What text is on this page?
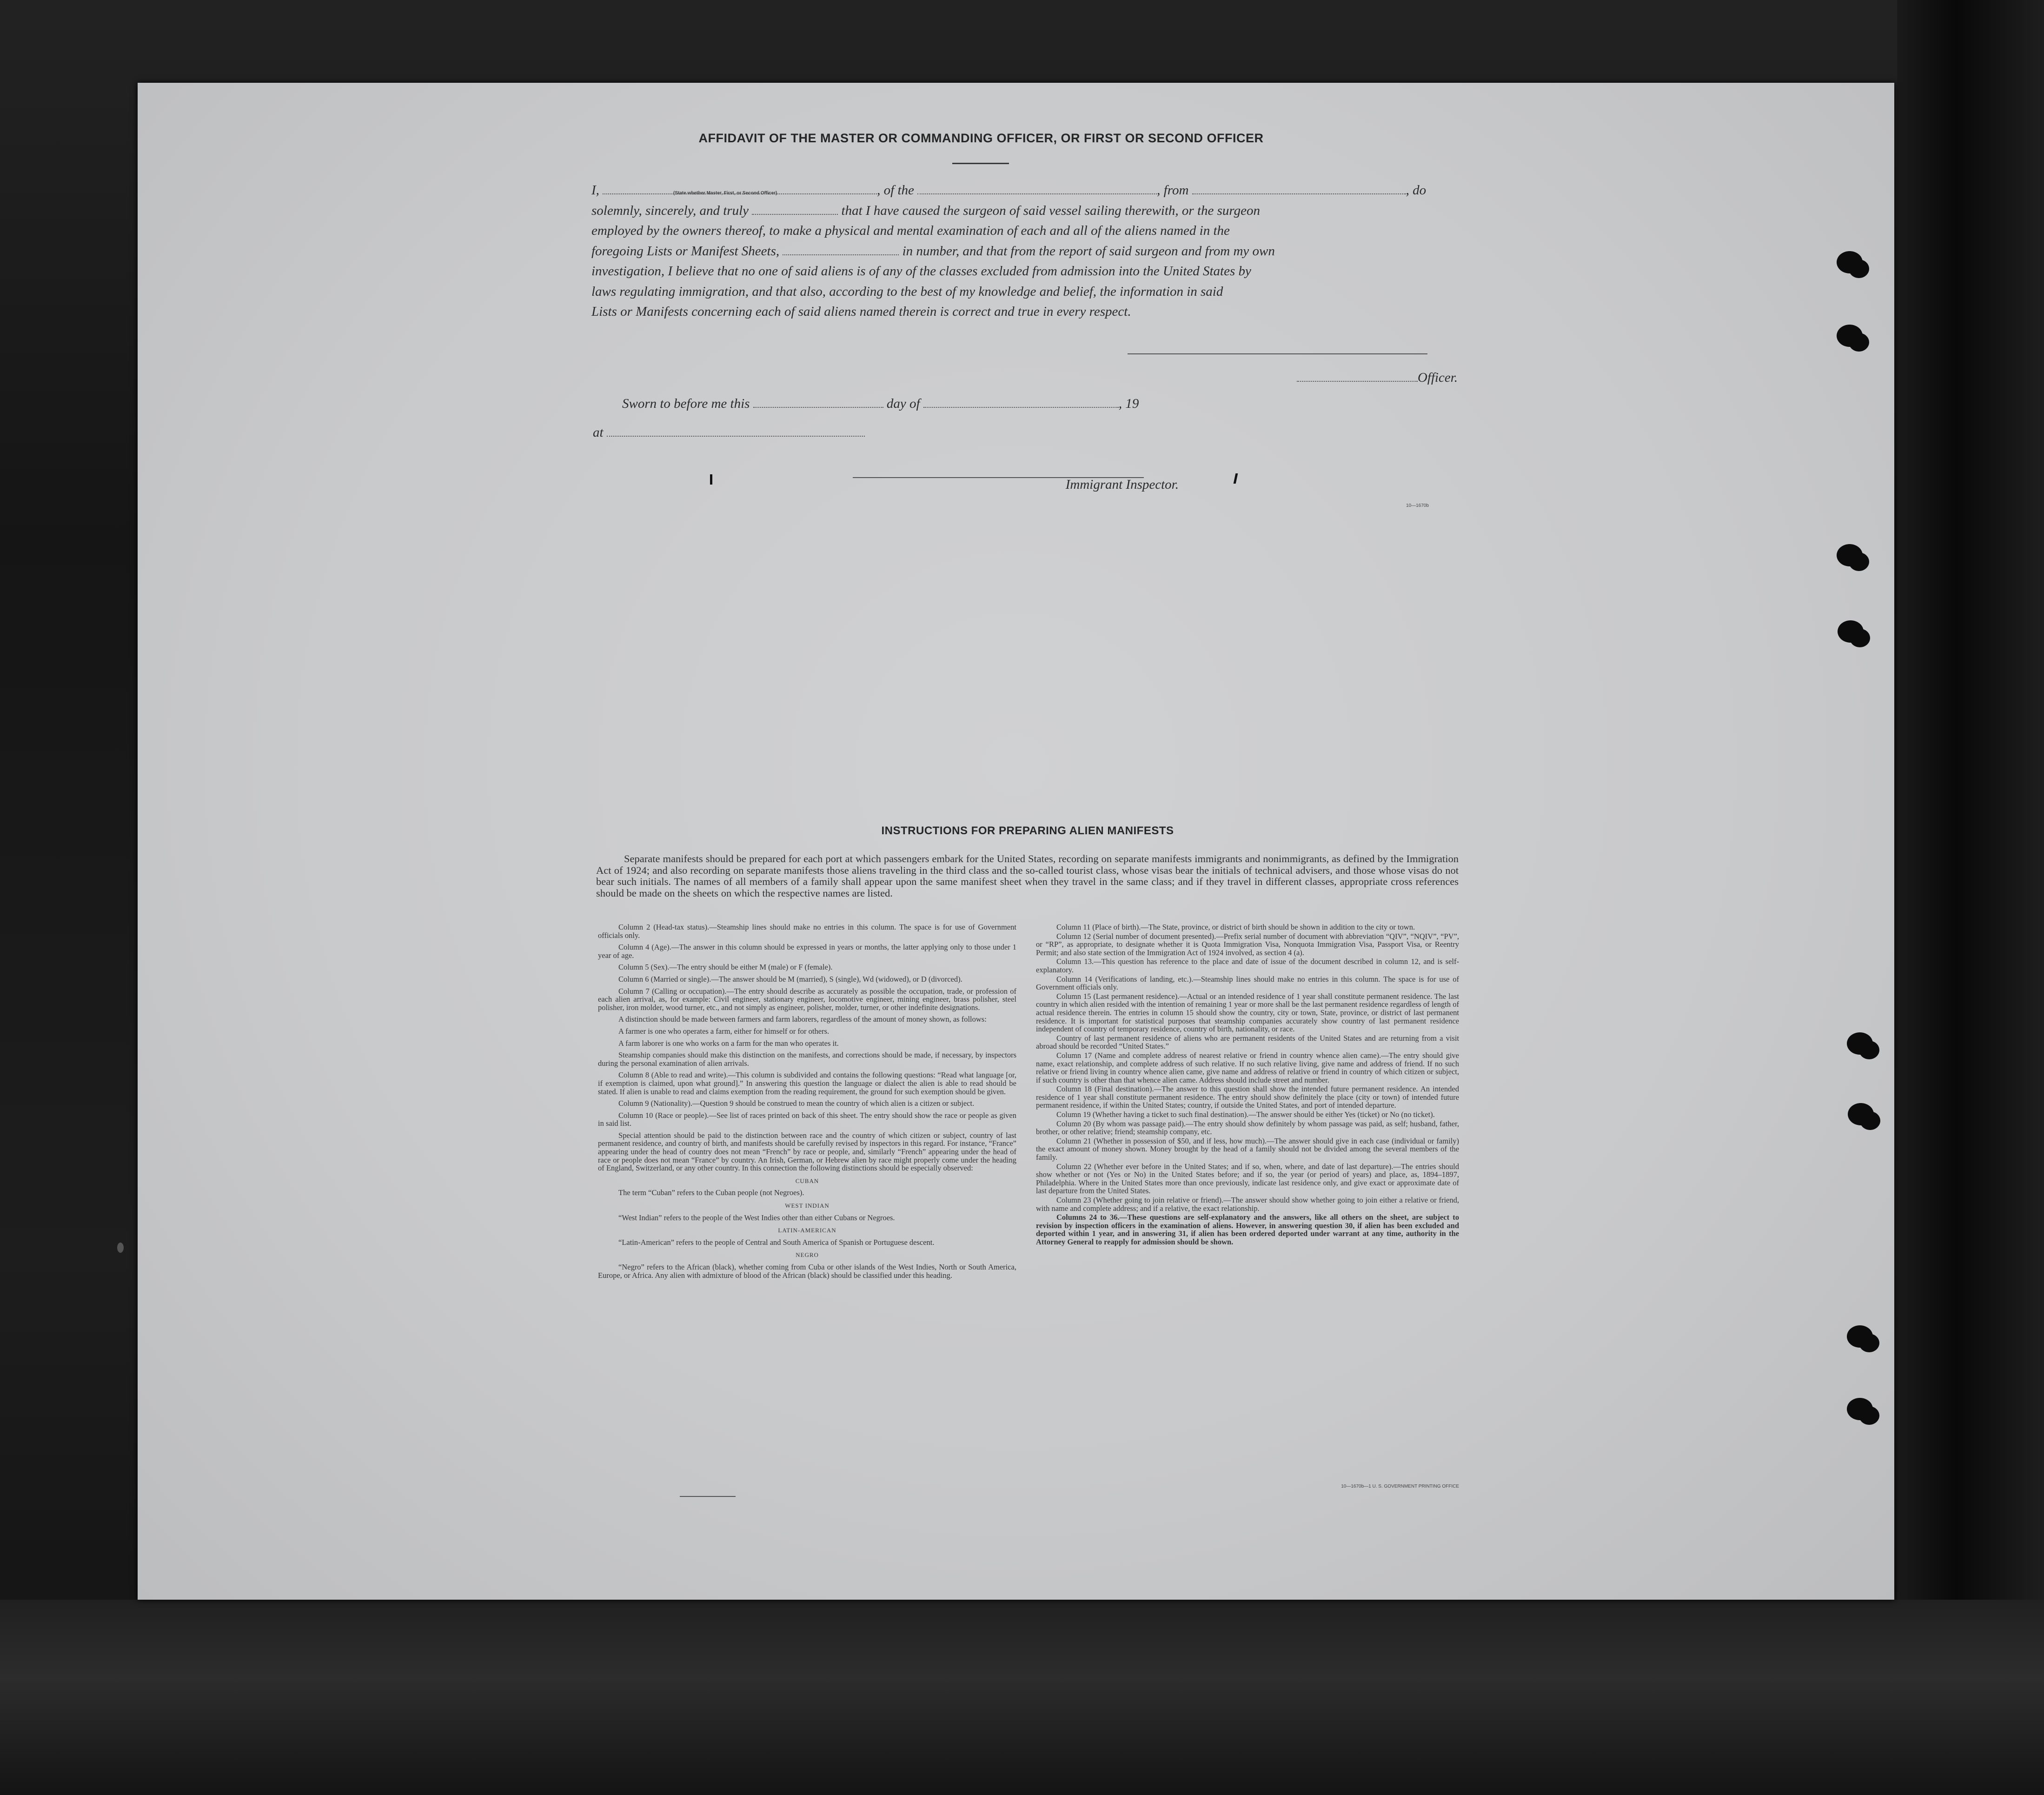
AFFIDAVIT OF THE MASTER OR COMMANDING OFFICER, OR FIRST OR SECOND OFFICER
I,	, of the	, from	, do
solemnly, sincerely, and truly	that I have caused the surgeon of said vessel sailing therewith, or the surgeon
employed by the owners thereof, to make a physical and mental examination of each and all of the aliens named in the
foregoing Lists or Manifest Sheets,	in number, and that from the report of said surgeon and from my own
investigation, I believe that no one of said aliens is of any of the classes excluded from admission into the United States by
laws regulating immigration, and that also, according to the best of my knowledge and belief, the information in said
Lists or Manifests concerning each of said aliens named therein is correct and true in every respect.
(State whether Master, First, or Second Officer)
Officer.
Sworn to before me this	day of	, 19
at
Immigrant Inspector.
10—1670b
INSTRUCTIONS FOR PREPARING ALIEN MANIFESTS
Separate manifests should be prepared for each port at which passengers embark for the United States, recording on separate manifests immigrants and nonimmigrants, as defined by the Immigration Act of 1924; and also recording on separate manifests those aliens traveling in the third class and the so-called tourist class, whose visas bear the initials of technical advisers, and those whose visas do not bear such initials. The names of all members of a family shall appear upon the same manifest sheet when they travel in the same class; and if they travel in different classes, appropriate cross references should be made on the sheets on which the respective names are listed.

Column 2 (Head-tax status).—Steamship lines should make no entries in this column. The space is for use of Government officials only.

Column 4 (Age).—The answer in this column should be expressed in years or months, the latter applying only to those under 1 year of age.

Column 5 (Sex).—The entry should be either M (male) or F (female).

Column 6 (Married or single).—The answer should be M (married), S (single), Wd (widowed), or D (divorced).

Column 7 (Calling or occupation).—The entry should describe as accurately as possible the occupation, trade, or profession of each alien arrival, as, for example: Civil engineer, stationary engineer, locomotive engineer, mining engineer, brass polisher, steel polisher, iron molder, wood turner, etc., and not simply as engineer, polisher, molder, turner, or other indefinite designations.

A distinction should be made between farmers and farm laborers, regardless of the amount of money shown, as follows:

A farmer is one who operates a farm, either for himself or for others.

A farm laborer is one who works on a farm for the man who operates it.

Steamship companies should make this distinction on the manifests, and corrections should be made, if necessary, by inspectors during the personal examination of alien arrivals.

Column 8 (Able to read and write).—This column is subdivided and contains the following questions: “Read what language [or, if exemption is claimed, upon what ground].” In answering this question the language or dialect the alien is able to read should be stated. If alien is unable to read and claims exemption from the reading requirement, the ground for such exemption should be given.

Column 9 (Nationality).—Question 9 should be construed to mean the country of which alien is a citizen or subject.

Column 10 (Race or people).—See list of races printed on back of this sheet. The entry should show the race or people as given in said list.

Special attention should be paid to the distinction between race and the country of which citizen or subject, country of last permanent residence, and country of birth, and manifests should be carefully revised by inspectors in this regard. For instance, “France” appearing under the head of country does not mean “French” by race or people, and, similarly “French” appearing under the head of race or people does not mean “France” by country. An Irish, German, or Hebrew alien by race might properly come under the heading of England, Switzerland, or any other country. In this connection the following distinctions should be especially observed:

CUBAN

The term “Cuban” refers to the Cuban people (not Negroes).

WEST INDIAN

“West Indian” refers to the people of the West Indies other than either Cubans or Negroes.

LATIN-AMERICAN

“Latin-American” refers to the people of Central and South America of Spanish or Portuguese descent.

NEGRO

“Negro” refers to the African (black), whether coming from Cuba or other islands of the West Indies, North or South America, Europe, or Africa. Any alien with admixture of blood of the African (black) should be classified under this heading.

Column 11 (Place of birth).—The State, province, or district of birth should be shown in addition to the city or town.

Column 12 (Serial number of document presented).—Prefix serial number of document with abbreviation “QIV”, “NQIV”, “PV”, or “RP”, as appropriate, to designate whether it is Quota Immigration Visa, Nonquota Immigration Visa, Passport Visa, or Reentry Permit; and also state section of the Immigration Act of 1924 involved, as section 4 (a).

Column 13.—This question has reference to the place and date of issue of the document described in column 12, and is self-explanatory.

Column 14 (Verifications of landing, etc.).—Steamship lines should make no entries in this column. The space is for use of Government officials only.

Column 15 (Last permanent residence).—Actual or an intended residence of 1 year shall constitute permanent residence. The last country in which alien resided with the intention of remaining 1 year or more shall be the last permanent residence regardless of length of actual residence therein. The entries in column 15 should show the country, city or town, State, province, or district of last permanent residence. It is important for statistical purposes that steamship companies accurately show country of last permanent residence independent of country of temporary residence, country of birth, nationality, or race.

Country of last permanent residence of aliens who are permanent residents of the United States and are returning from a visit abroad should be recorded “United States.”

Column 17 (Name and complete address of nearest relative or friend in country whence alien came).—The entry should give name, exact relationship, and complete address of such relative. If no such relative living, give name and address of friend. If no such relative or friend living in country whence alien came, give name and address of relative or friend in country of which citizen or subject, if such country is other than that whence alien came. Address should include street and number.

Column 18 (Final destination).—The answer to this question shall show the intended future permanent residence. An intended residence of 1 year shall constitute permanent residence. The entry should show definitely the place (city or town) of intended future permanent residence, if within the United States; country, if outside the United States, and port of intended departure.

Column 19 (Whether having a ticket to such final destination).—The answer should be either Yes (ticket) or No (no ticket).

Column 20 (By whom was passage paid).—The entry should show definitely by whom passage was paid, as self; husband, father, brother, or other relative; friend; steamship company, etc.

Column 21 (Whether in possession of $50, and if less, how much).—The answer should give in each case (individual or family) the exact amount of money shown. Money brought by the head of a family should not be divided among the several members of the family.

Column 22 (Whether ever before in the United States; and if so, when, where, and date of last departure).—The entries should show whether or not (Yes or No) in the United States before; and if so, the year (or period of years) and place, as, 1894–1897, Philadelphia. Where in the United States more than once previously, indicate last residence only, and give exact or approximate date of last departure from the United States.

Column 23 (Whether going to join relative or friend).—The answer should show whether going to join either a relative or friend, with name and complete address; and if a relative, the exact relationship.

Columns 24 to 36.—These questions are self-explanatory and the answers, like all others on the sheet, are subject to revision by inspection officers in the examination of aliens. However, in answering question 30, if alien has been excluded and deported within 1 year, and in answering 31, if alien has been ordered deported under warrant at any time, authority in the Attorney General to reapply for admission should be shown.

10—1670b—1 U. S. GOVERNMENT PRINTING OFFICE
